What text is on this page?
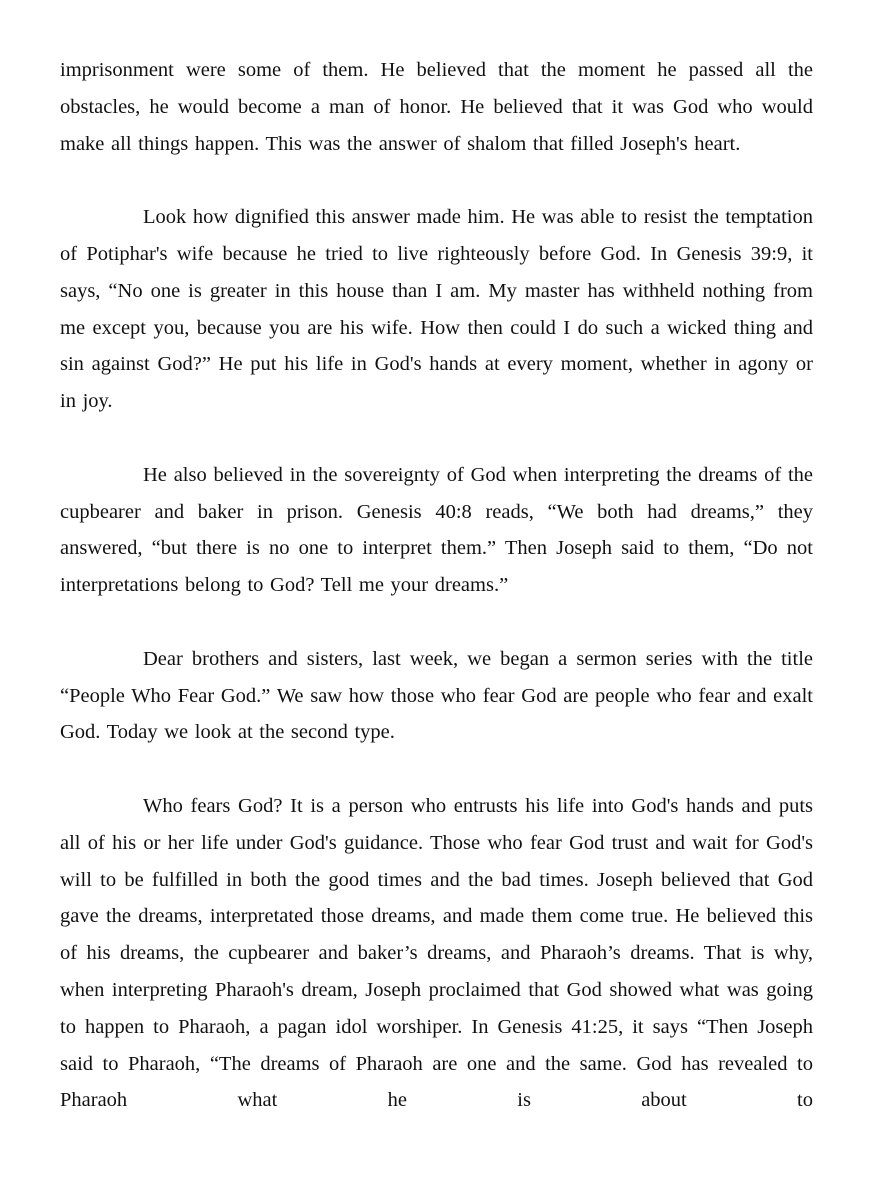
imprisonment were some of them. He believed that the moment he passed all the obstacles, he would become a man of honor. He believed that it was God who would make all things happen. This was the answer of shalom that filled Joseph's heart.

Look how dignified this answer made him. He was able to resist the temptation of Potiphar's wife because he tried to live righteously before God. In Genesis 39:9, it says, “No one is greater in this house than I am. My master has withheld nothing from me except you, because you are his wife. How then could I do such a wicked thing and sin against God?” He put his life in God's hands at every moment, whether in agony or in joy.

He also believed in the sovereignty of God when interpreting the dreams of the cupbearer and baker in prison. Genesis 40:8 reads, “We both had dreams,” they answered, “but there is no one to interpret them.” Then Joseph said to them, “Do not interpretations belong to God? Tell me your dreams.”

Dear brothers and sisters, last week, we began a sermon series with the title “People Who Fear God.” We saw how those who fear God are people who fear and exalt God. Today we look at the second type.

Who fears God? It is a person who entrusts his life into God's hands and puts all of his or her life under God's guidance. Those who fear God trust and wait for God's will to be fulfilled in both the good times and the bad times. Joseph believed that God gave the dreams, interpretated those dreams, and made them come true. He believed this of his dreams, the cupbearer and baker’s dreams, and Pharaoh’s dreams. That is why, when interpreting Pharaoh's dream, Joseph proclaimed that God showed what was going to happen to Pharaoh, a pagan idol worshiper. In Genesis 41:25, it says “Then Joseph said to Pharaoh, “The dreams of Pharaoh are one and the same. God has revealed to Pharaoh what he is about to
